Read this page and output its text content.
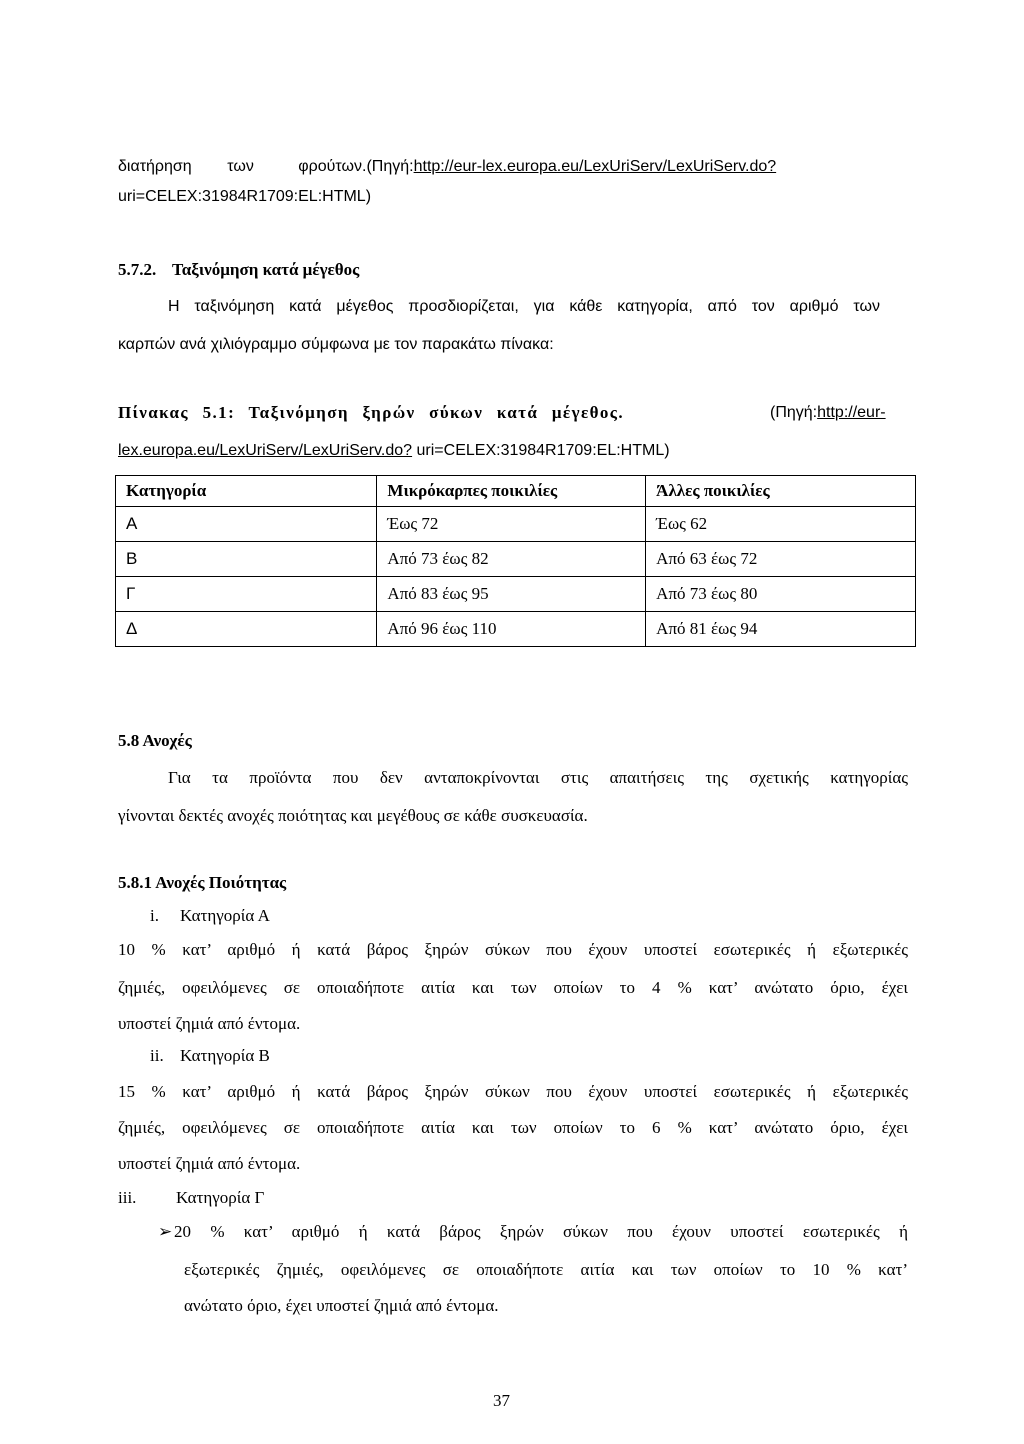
διατήρηση        των          φρούτων.(Πηγή:http://eur-lex.europa.eu/LexUriServ/LexUriServ.do?
uri=CELEX:31984R1709:EL:HTML)
5.7.2. Ταξινόμηση κατά μέγεθος
Η ταξινόμηση κατά μέγεθος προσδιορίζεται, για κάθε κατηγορία, από τον αριθμό των
καρπών ανά χιλιόγραμμο σύμφωνα με τον παρακάτω πίνακα:
Πίνακας 5.1: Ταξινόμηση ξηρών σύκων κατά μέγεθος.	(Πηγή:http://eur-
lex.europa.eu/LexUriServ/LexUriServ.do? uri=CELEX:31984R1709:EL:HTML)
Κατηγορία	Μικρόκαρπες ποικιλίες	Άλλες ποικιλίες
Α	Έως 72	Έως 62
Β	Από 73 έως 82	Από 63 έως 72
Γ	Από 83 έως 95	Από 73 έως 80
Δ	Από 96 έως 110	Από 81 έως 94
5.8 Ανοχές
Για τα προϊόντα που δεν ανταποκρίνονται στις απαιτήσεις της σχετικής κατηγορίας
γίνονται δεκτές ανοχές ποιότητας και μεγέθους σε κάθε συσκευασία.
5.8.1 Ανοχές Ποιότητας
i. Κατηγορία Α
10 % κατ’ αριθμό ή κατά βάρος ξηρών σύκων που έχουν υποστεί εσωτερικές ή εξωτερικές
ζημιές, οφειλόμενες σε οποιαδήποτε αιτία και των οποίων το 4 % κατ’ ανώτατο όριο, έχει
υποστεί ζημιά από έντομα.
ii. Κατηγορία Β
15 % κατ’ αριθμό ή κατά βάρος ξηρών σύκων που έχουν υποστεί εσωτερικές ή εξωτερικές
ζημιές, οφειλόμενες σε οποιαδήποτε αιτία και των οποίων το 6 % κατ’ ανώτατο όριο, έχει
υποστεί ζημιά από έντομα.
iii. Κατηγορία Γ
➢ 20 % κατ’ αριθμό ή κατά βάρος ξηρών σύκων που έχουν υποστεί εσωτερικές ή
εξωτερικές ζημιές, οφειλόμενες σε οποιαδήποτε αιτία και των οποίων το 10 % κατ’
ανώτατο όριο, έχει υποστεί ζημιά από έντομα.
37
